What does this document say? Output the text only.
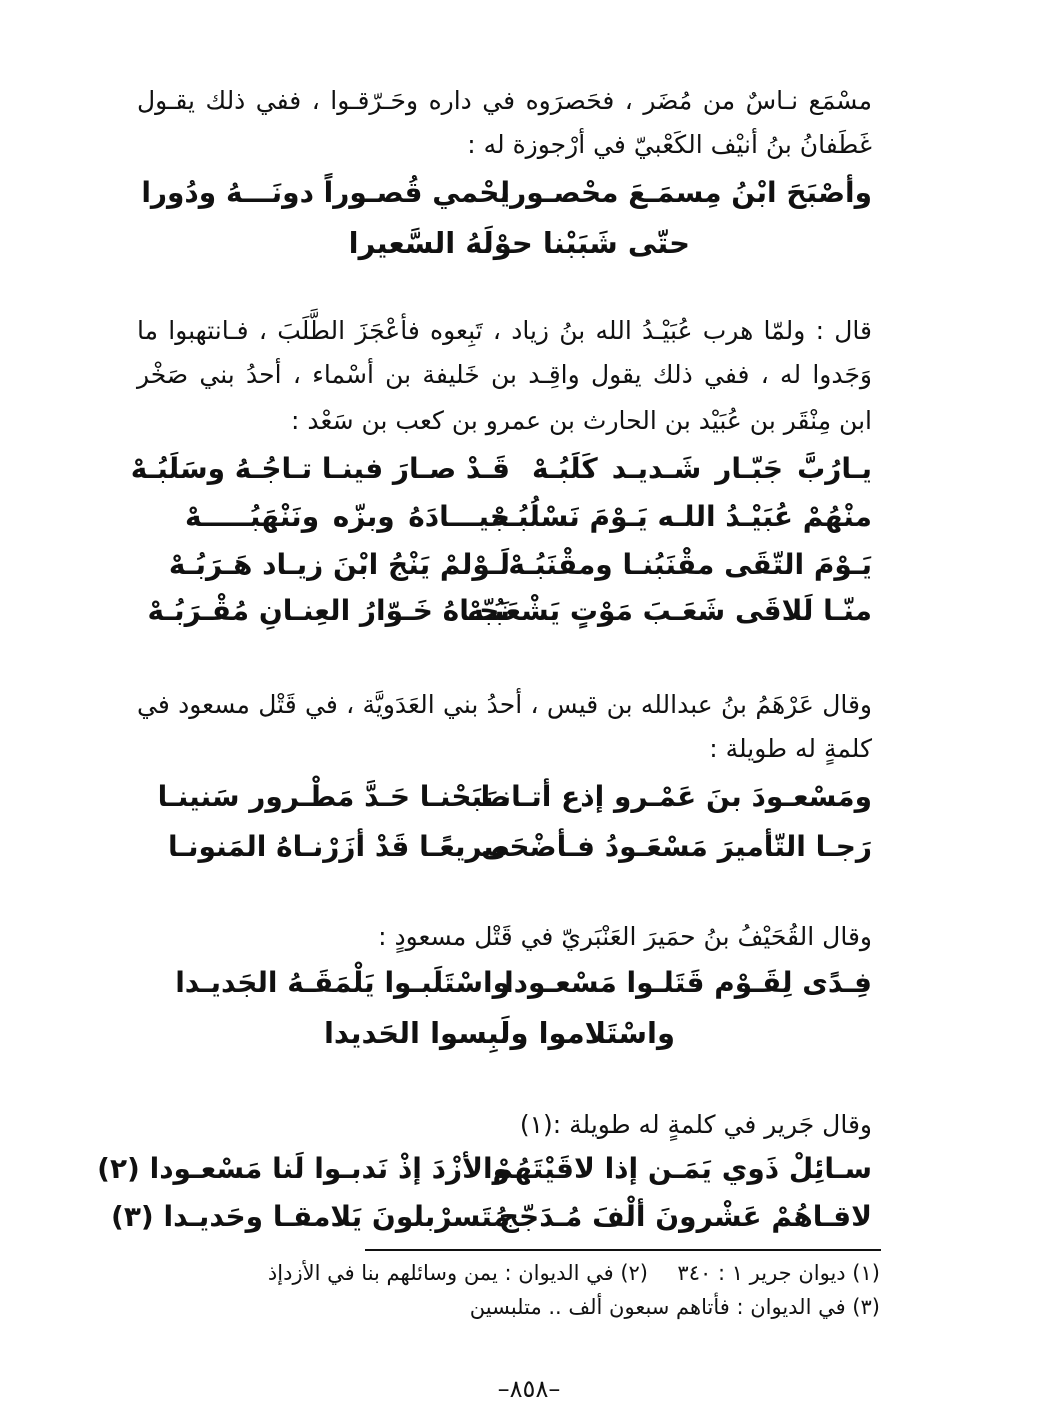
مسْمَع نـاسٌ من مُضَر ، فحَصرَوه في داره وحَـرّقـوا ، ففي ذلك يقـول
غَطَفانُ بنُ أنيْف الكَعْبيّ في أرْجوزة له :
وأصْبَحَ ابْنُ مِسمَـعَ محْصـورا
يحْمي قُصـوراً دونَـــهُ ودُورا
حتّى شَبَبْنا حوْلَهُ السَّعيرا
قال : ولمّا هرب عُبَيْـدُ الله بنُ زياد ، تَبِعوه فأعْجَزَ الطَّلَبَ ، فـانتهبوا ما
وَجَدوا له ، ففي ذلك يقول واقِـد بن خَليفة بن أسْماء ، أحدُ بني صَخْر
ابن مِنْقَر بن عُبَيْد بن الحارث بن عمرو بن كعب بن سَعْد :
يـارُبَّ جَبّـار شَـديـد كَلَبُـهْ
قَـدْ صـارَ فينـا تـاجُـهُ وسَلَبُـهْ
منْهُمْ عُبَيْـدُ اللـه يَـوْمَ نَسْلُبُـهْ
جيـــادَهُ وبزّه ونَنْهَبُـــــهْ
يَـوْمَ التّقَى مقْنَبُنـا ومقْنَبُـهْ
لَـوْلمْ يَنْجُ ابْنَ زيـاد هَـرَبُـهْ
منّـا لَلاقَى شَعَـبَ مَوْتٍ يَشْعَبُـهْ
نَجّـاهُ خَـوّارُ العِنـانِ مُقْـرَبُـهْ
وقال عَرْهَمُ بنُ عبدالله بن قيس ، أحدُ بني العَدَويَّة ، في قَتْل مسعود في
كلمةٍ له طويلة :
ومَسْعـودَ بنَ عَمْـرو إذع أتـانـا
صَبَحْنـا حَـدَّ مَطْـرور سَنينـا
رَجـا التّأميرَ مَسْعَـودُ فـأضْحَى
صريعًـا قَدْ أزَرْنـاهُ المَنونـا
وقال القُحَيْفُ بنُ حمَيرَ العَنْبَريّ في قَتْل مسعودٍ :
فِـدًى لِقَـوْم قَتَلـوا مَسْعـودا
واسْتَلَبـوا يَلْمَقَـهُ الجَديـدا
واسْتَلاموا ولَبِسوا الحَديدا
وقال جَرير في كلمةٍ له طويلة :(١)
سـائِلْ ذَوي يَمَـن إذا لاقَيْتَهُمْ
والأزْدَ إذْ نَدبـوا لَنا مَسْعـودا (٢)
لاقـاهُمْ عَشْرونَ ألْفَ مُـدَجّج
مُتَسرْبلونَ يَلامقـا وحَديـدا (٣)
(١) ديوان جرير ١ : ٣٤٠
(٢) في الديوان : يمن وسائلهم بنا في الأزدإذ
(٣) في الديوان : فأتاهم سبعون ألف .. متلبسين
–٨٥٨–
